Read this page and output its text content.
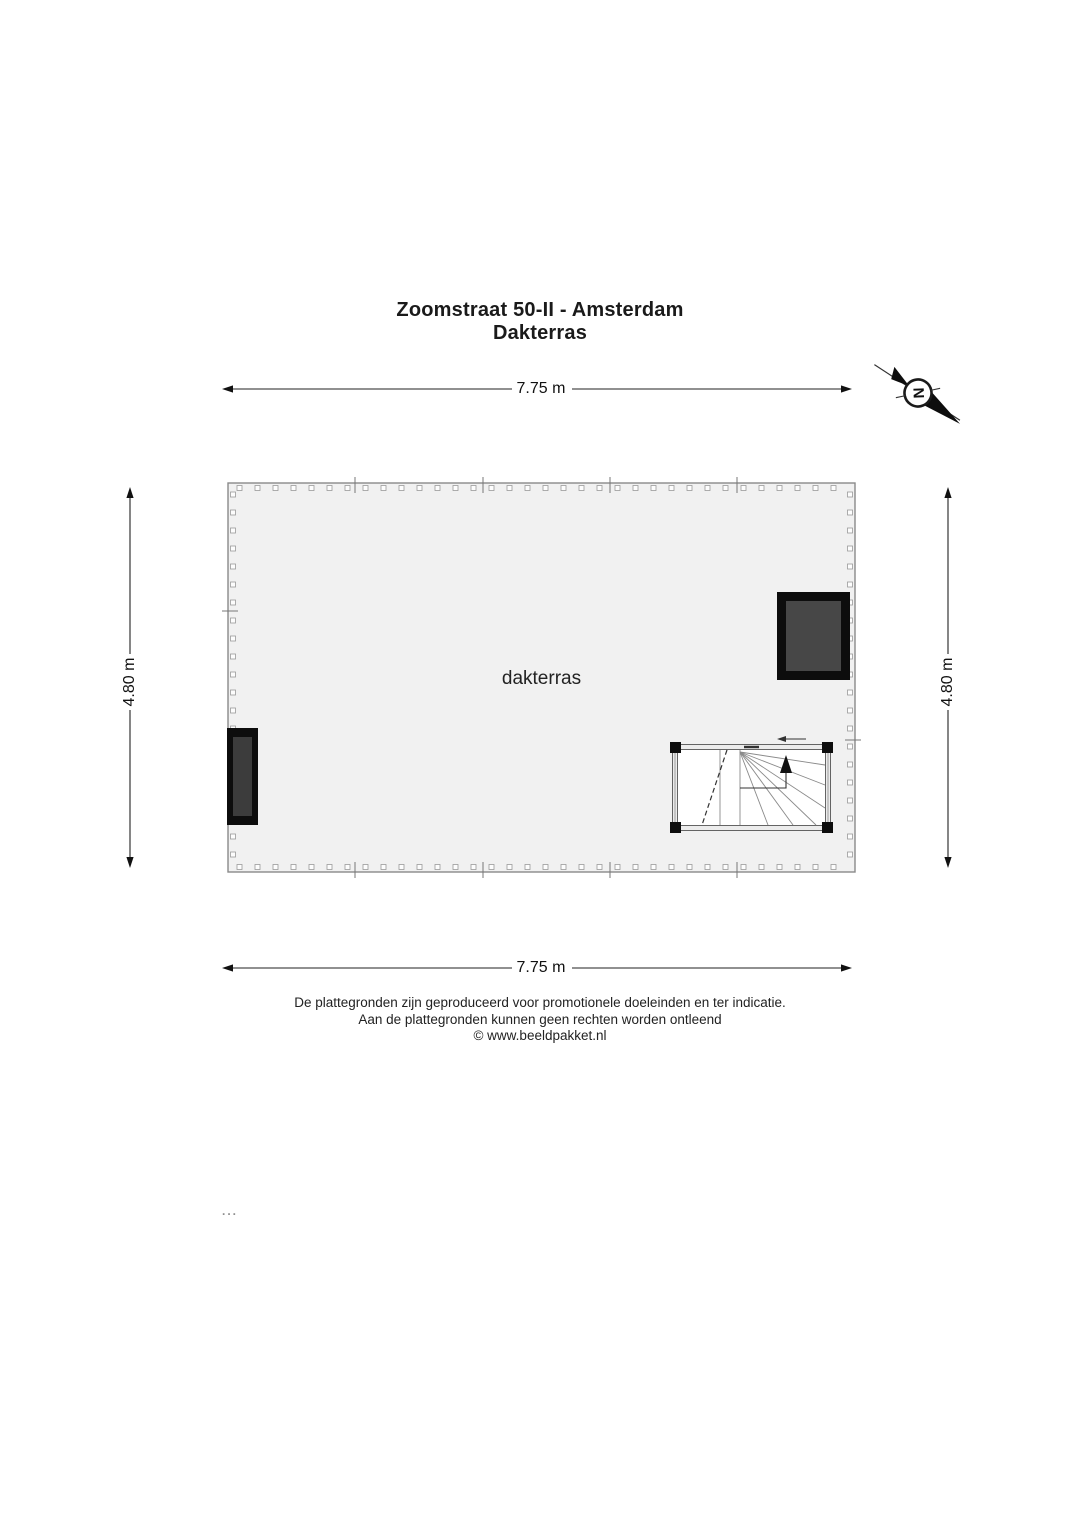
N
Zoomstraat 50-II - Amsterdam
Dakterras
7.75 m
7.75 m
4.80 m	4.80 m
dakterras
De plattegronden zijn geproduceerd voor promotionele doeleinden en ter indicatie.
Aan de plattegronden kunnen geen rechten worden ontleend
© www.beeldpakket.nl
...
